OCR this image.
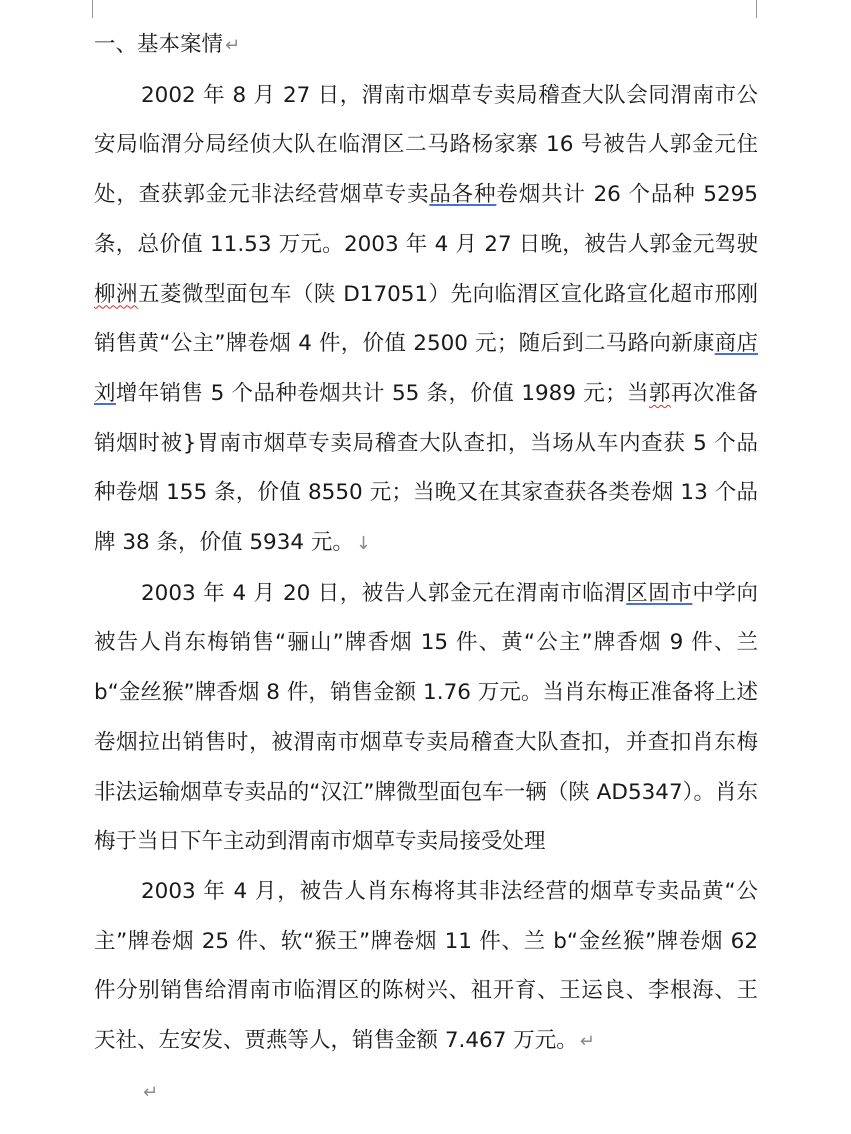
一、基本案情 ↵

2002 年 8 月 27 日，渭南市烟草专卖局稽查大队会同渭南市公安局临渭分局经侦大队在临渭区二马路杨家寨 16 号被告人郭金元住处，查获郭金元非法经营烟草专卖品各种卷烟共计 26 个品种 5295 条，总价值 11.53 万元。2003 年 4 月 27 日晚，被告人郭金元驾驶柳洲五菱微型面包车（陕 D17051）先向临渭区宣化路宣化超市邢刚销售黄“公主”牌卷烟 4 件，价值 2500 元；随后到二马路向新康商店刘增年销售 5 个品种卷烟共计 55 条，价值 1989 元；当郭再次准备销烟时被}胃南市烟草专卖局稽查大队查扣，当场从车内查获 5 个品种卷烟 155 条，价值 8550 元；当晚又在其家查获各类卷烟 13 个品牌 38 条，价值 5934 元。 ↓

2003 年 4 月 20 日，被告人郭金元在渭南市临渭区固市中学向被告人肖东梅销售“骊山”牌香烟 15 件、黄“公主”牌香烟 9 件、兰 b“金丝猴”牌香烟 8 件，销售金额 1.76 万元。当肖东梅正准备将上述卷烟拉出销售时，被渭南市烟草专卖局稽查大队查扣，并查扣肖东梅非法运输烟草专卖品的“汉江”牌微型面包车一辆（陕 AD5347）。肖东梅于当日下午主动到渭南市烟草专卖局接受处理

2003 年 4 月，被告人肖东梅将其非法经营的烟草专卖品黄“公主”牌卷烟 25 件、软“猴王”牌卷烟 11 件、兰 b“金丝猴”牌卷烟 62 件分别销售给渭南市临渭区的陈树兴、祖开育、王运良、李根海、王天社、左安发、贾燕等人，销售金额 7.467 万元。 ↵

↵
